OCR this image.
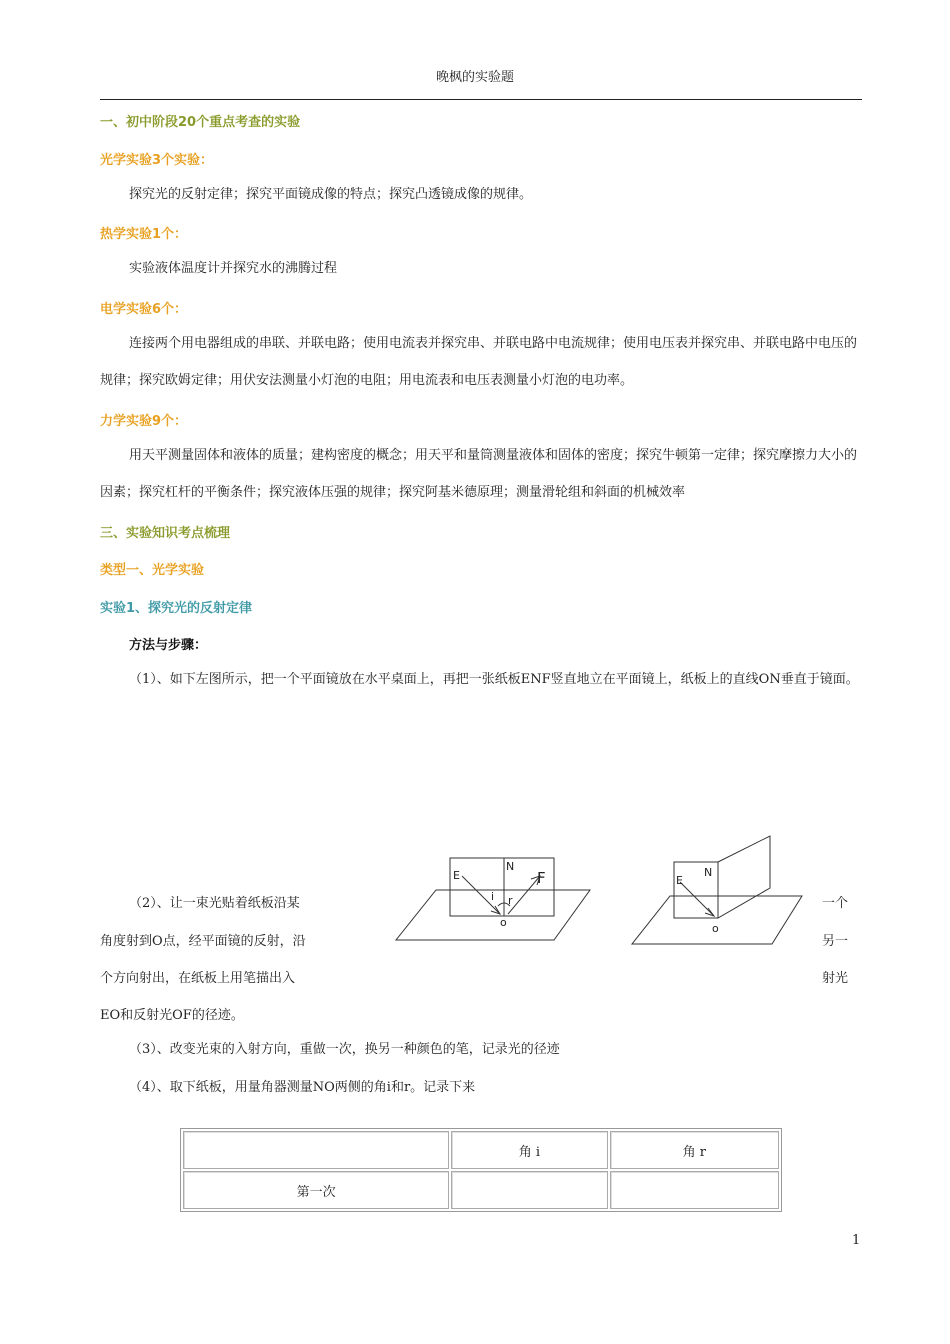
晚枫的实验题
一、初中阶段20个重点考查的实验
光学实验3个实验：
探究光的反射定律；探究平面镜成像的特点；探究凸透镜成像的规律。
热学实验1个：
实验液体温度计并探究水的沸腾过程
电学实验6个：
连接两个用电器组成的串联、并联电路；使用电流表并探究串、并联电路中电流规律；使用电压表并探究串、并联电路中电压的规律；探究欧姆定律；用伏安法测量小灯泡的电阻；用电流表和电压表测量小灯泡的电功率。
力学实验9个：
用天平测量固体和液体的质量；建构密度的概念；用天平和量筒测量液体和固体的密度；探究牛顿第一定律；探究摩擦力大小的因素；探究杠杆的平衡条件；探究液体压强的规律；探究阿基米德原理；测量滑轮组和斜面的机械效率
三、实验知识考点梳理
类型一、光学实验
实验1、探究光的反射定律
方法与步骤：
（1）、如下左图所示，把一个平面镜放在水平桌面上，再把一张纸板ENF竖直地立在平面镜上，纸板上的直线ON垂直于镜面。
（2）、让一束光贴着纸板沿某	一个
角度射到O点，经平面镜的反射，沿	另一
个方向射出，在纸板上用笔描出入	射光
EO和反射光OF的径迹。
E
N
i r
F
o
E
N
o
（3）、改变光束的入射方向，重做一次，换另一种颜色的笔，记录光的径迹
（4）、取下纸板，用量角器测量NO两侧的角i和r。记录下来
	角 i	角 r
第一次		
1
